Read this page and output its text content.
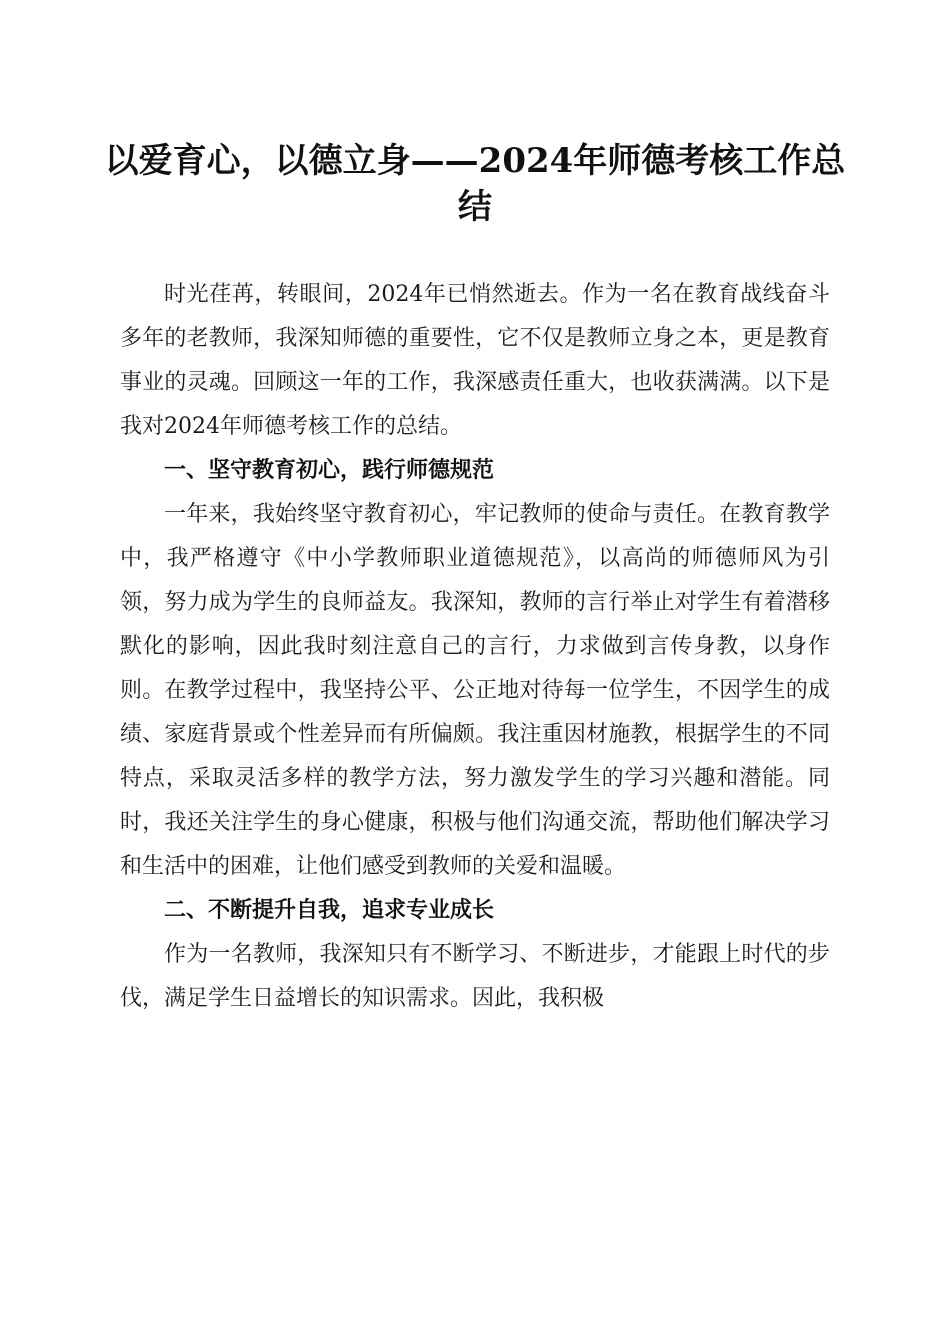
以爱育心，以德立身——2024年师德考核工作总结

时光荏苒，转眼间，2024年已悄然逝去。作为一名在教育战线奋斗多年的老教师，我深知师德的重要性，它不仅是教师立身之本，更是教育事业的灵魂。回顾这一年的工作，我深感责任重大，也收获满满。以下是我对2024年师德考核工作的总结。

一、坚守教育初心，践行师德规范

一年来，我始终坚守教育初心，牢记教师的使命与责任。在教育教学中，我严格遵守《中小学教师职业道德规范》，以高尚的师德师风为引领，努力成为学生的良师益友。我深知，教师的言行举止对学生有着潜移默化的影响，因此我时刻注意自己的言行，力求做到言传身教，以身作则。在教学过程中，我坚持公平、公正地对待每一位学生，不因学生的成绩、家庭背景或个性差异而有所偏颇。我注重因材施教，根据学生的不同特点，采取灵活多样的教学方法，努力激发学生的学习兴趣和潜能。同时，我还关注学生的身心健康，积极与他们沟通交流，帮助他们解决学习和生活中的困难，让他们感受到教师的关爱和温暖。

二、不断提升自我，追求专业成长

作为一名教师，我深知只有不断学习、不断进步，才能跟上时代的步伐，满足学生日益增长的知识需求。因此，我积极
